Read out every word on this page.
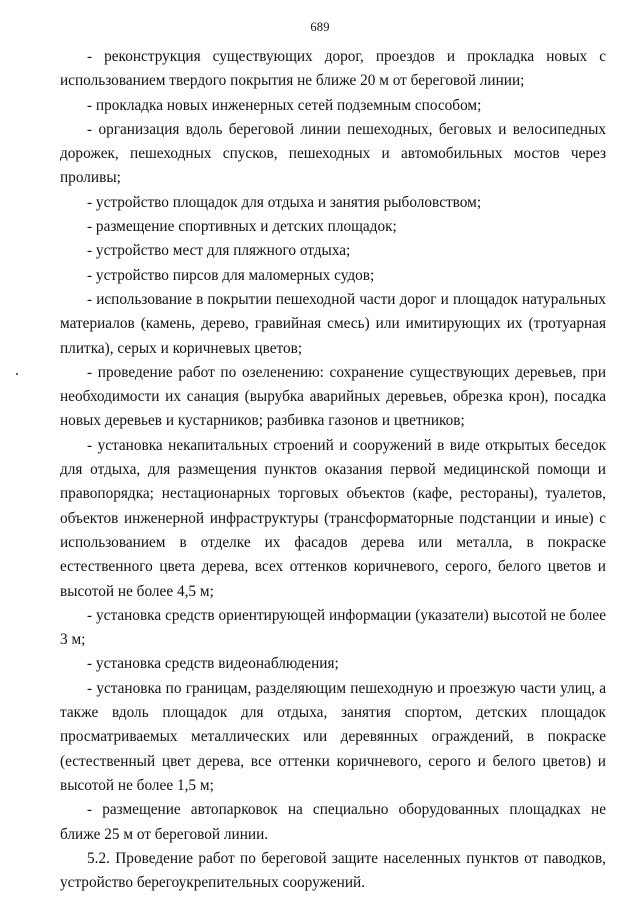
689

- реконструкция существующих дорог, проездов и прокладка новых с использованием твердого покрытия не ближе 20 м от береговой линии;

- прокладка новых инженерных сетей подземным способом;

- организация вдоль береговой линии пешеходных, беговых и велосипедных дорожек, пешеходных спусков, пешеходных и автомобильных мостов через проливы;

- устройство площадок для отдыха и занятия рыболовством;

- размещение спортивных и детских площадок;

- устройство мест для пляжного отдыха;

- устройство пирсов для маломерных судов;

- использование в покрытии пешеходной части дорог и площадок натуральных материалов (камень, дерево, гравийная смесь) или имитирующих их (тротуарная плитка), серых и коричневых цветов;

- проведение работ по озеленению: сохранение существующих деревьев, при необходимости их санация (вырубка аварийных деревьев, обрезка крон), посадка новых деревьев и кустарников; разбивка газонов и цветников;

- установка некапитальных строений и сооружений в виде открытых беседок для отдыха, для размещения пунктов оказания первой медицинской помощи и правопорядка; нестационарных торговых объектов (кафе, рестораны), туалетов, объектов инженерной инфраструктуры (трансформаторные подстанции и иные) с использованием в отделке их фасадов дерева или металла, в покраске естественного цвета дерева, всех оттенков коричневого, серого, белого цветов и высотой не более 4,5 м;

- установка средств ориентирующей информации (указатели) высотой не более 3 м;

- установка средств видеонаблюдения;

- установка по границам, разделяющим пешеходную и проезжую части улиц, а также вдоль площадок для отдыха, занятия спортом, детских площадок просматриваемых металлических или деревянных ограждений, в покраске (естественный цвет дерева, все оттенки коричневого, серого и белого цветов) и высотой не более 1,5 м;

- размещение автопарковок на специально оборудованных площадках не ближе 25 м от береговой линии.

5.2. Проведение работ по береговой защите населенных пунктов от паводков, устройство берегоукрепительных сооружений.
